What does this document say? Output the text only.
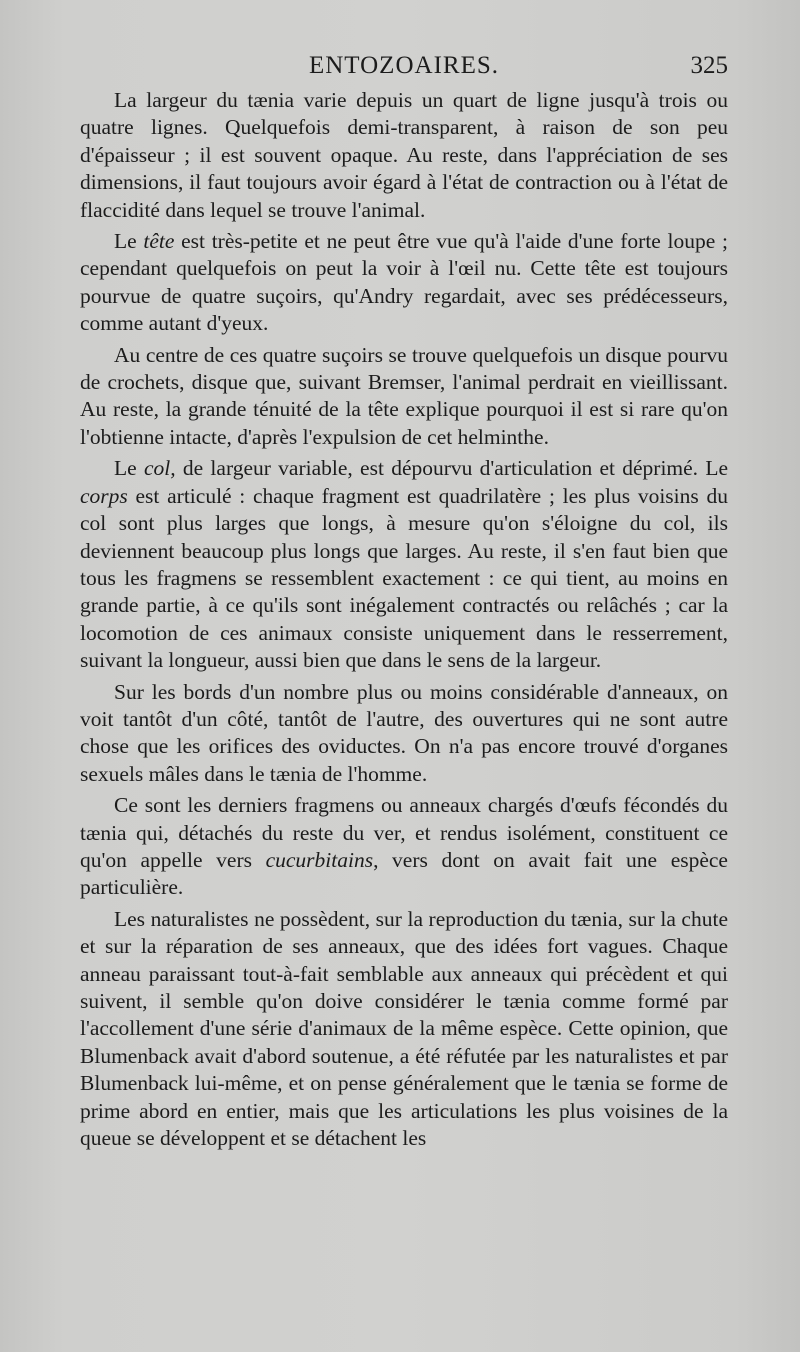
ENTOZOAIRES.	325

La largeur du tænia varie depuis un quart de ligne jusqu'à trois ou quatre lignes. Quelquefois demi-transparent, à raison de son peu d'épaisseur ; il est souvent opaque. Au reste, dans l'appréciation de ses dimensions, il faut toujours avoir égard à l'état de contraction ou à l'état de flaccidité dans lequel se trouve l'animal.

Le tête est très-petite et ne peut être vue qu'à l'aide d'une forte loupe ; cependant quelquefois on peut la voir à l'œil nu. Cette tête est toujours pourvue de quatre suçoirs, qu'Andry regardait, avec ses prédécesseurs, comme autant d'yeux.

Au centre de ces quatre suçoirs se trouve quelquefois un disque pourvu de crochets, disque que, suivant Bremser, l'animal perdrait en vieillissant. Au reste, la grande ténuité de la tête explique pourquoi il est si rare qu'on l'obtienne intacte, d'après l'expulsion de cet helminthe.

Le col, de largeur variable, est dépourvu d'articulation et déprimé. Le corps est articulé : chaque fragment est quadrilatère ; les plus voisins du col sont plus larges que longs, à mesure qu'on s'éloigne du col, ils deviennent beaucoup plus longs que larges. Au reste, il s'en faut bien que tous les fragmens se ressemblent exactement : ce qui tient, au moins en grande partie, à ce qu'ils sont inégalement contractés ou relâchés ; car la locomotion de ces animaux consiste uniquement dans le resserrement, suivant la longueur, aussi bien que dans le sens de la largeur.

Sur les bords d'un nombre plus ou moins considérable d'anneaux, on voit tantôt d'un côté, tantôt de l'autre, des ouvertures qui ne sont autre chose que les orifices des oviductes. On n'a pas encore trouvé d'organes sexuels mâles dans le tænia de l'homme.

Ce sont les derniers fragmens ou anneaux chargés d'œufs fécondés du tænia qui, détachés du reste du ver, et rendus isolément, constituent ce qu'on appelle vers cucurbitains, vers dont on avait fait une espèce particulière.

Les naturalistes ne possèdent, sur la reproduction du tænia, sur la chute et sur la réparation de ses anneaux, que des idées fort vagues. Chaque anneau paraissant tout-à-fait semblable aux anneaux qui précèdent et qui suivent, il semble qu'on doive considérer le tænia comme formé par l'accollement d'une série d'animaux de la même espèce. Cette opinion, que Blumenback avait d'abord soutenue, a été réfutée par les naturalistes et par Blumenback lui-même, et on pense généralement que le tænia se forme de prime abord en entier, mais que les articulations les plus voisines de la queue se développent et se détachent les
